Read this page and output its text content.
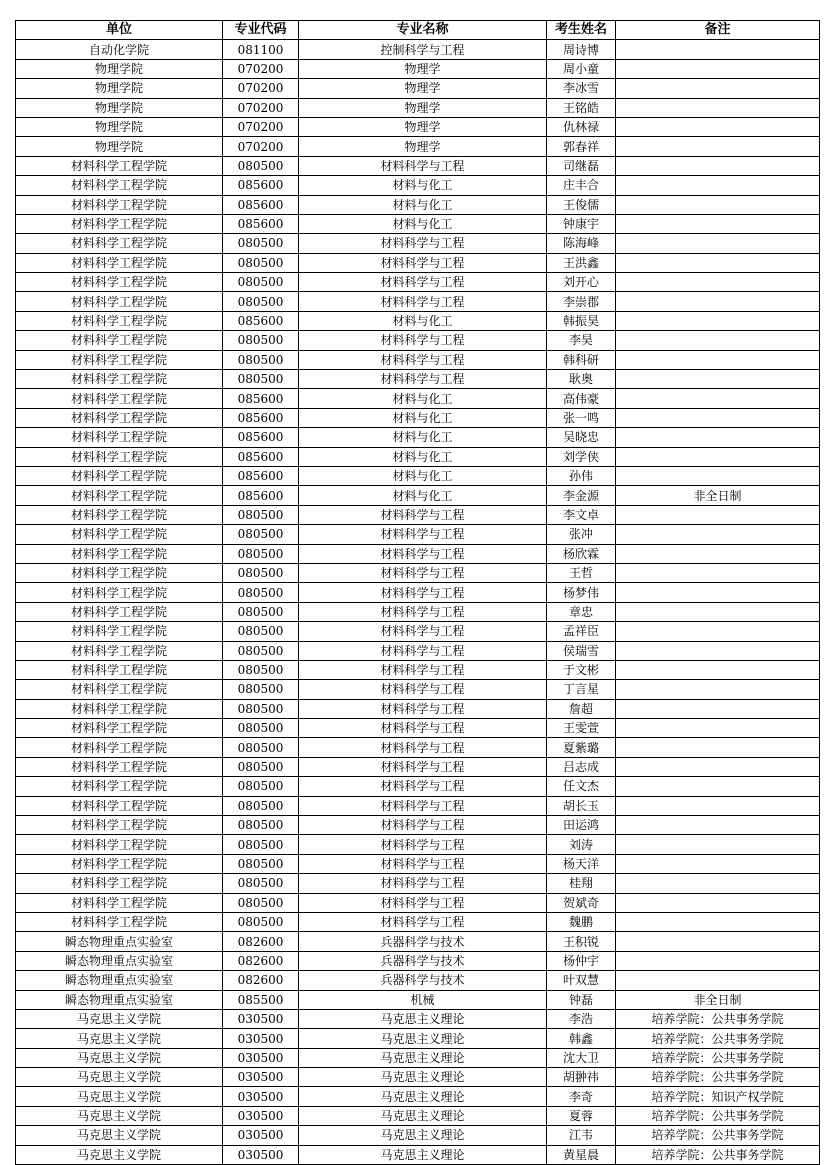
单位	专业代码	专业名称	考生姓名	备注
自动化学院	081100	控制科学与工程	周诗博	
物理学院	070200	物理学	周小童	
物理学院	070200	物理学	李冰雪	
物理学院	070200	物理学	王铭皓	
物理学院	070200	物理学	仇林禄	
物理学院	070200	物理学	郭春祥	
材料科学工程学院	080500	材料科学与工程	司继磊	
材料科学工程学院	085600	材料与化工	庄丰合	
材料科学工程学院	085600	材料与化工	王俊儒	
材料科学工程学院	085600	材料与化工	钟康宇	
材料科学工程学院	080500	材料科学与工程	陈海峰	
材料科学工程学院	080500	材料科学与工程	王洪鑫	
材料科学工程学院	080500	材料科学与工程	刘开心	
材料科学工程学院	080500	材料科学与工程	李崇郡	
材料科学工程学院	085600	材料与化工	韩振昊	
材料科学工程学院	080500	材料科学与工程	李昊	
材料科学工程学院	080500	材料科学与工程	韩科研	
材料科学工程学院	080500	材料科学与工程	耿奥	
材料科学工程学院	085600	材料与化工	高伟豪	
材料科学工程学院	085600	材料与化工	张一鸣	
材料科学工程学院	085600	材料与化工	吴晓忠	
材料科学工程学院	085600	材料与化工	刘学侠	
材料科学工程学院	085600	材料与化工	孙伟	
材料科学工程学院	085600	材料与化工	李金源	非全日制
材料科学工程学院	080500	材料科学与工程	李文卓	
材料科学工程学院	080500	材料科学与工程	张冲	
材料科学工程学院	080500	材料科学与工程	杨欣霖	
材料科学工程学院	080500	材料科学与工程	王哲	
材料科学工程学院	080500	材料科学与工程	杨梦伟	
材料科学工程学院	080500	材料科学与工程	章忠	
材料科学工程学院	080500	材料科学与工程	孟祥臣	
材料科学工程学院	080500	材料科学与工程	侯瑞雪	
材料科学工程学院	080500	材料科学与工程	于文彬	
材料科学工程学院	080500	材料科学与工程	丁言星	
材料科学工程学院	080500	材料科学与工程	詹超	
材料科学工程学院	080500	材料科学与工程	王雯萱	
材料科学工程学院	080500	材料科学与工程	夏紫璐	
材料科学工程学院	080500	材料科学与工程	吕志成	
材料科学工程学院	080500	材料科学与工程	任文杰	
材料科学工程学院	080500	材料科学与工程	胡长玉	
材料科学工程学院	080500	材料科学与工程	田运鸿	
材料科学工程学院	080500	材料科学与工程	刘涛	
材料科学工程学院	080500	材料科学与工程	杨天洋	
材料科学工程学院	080500	材料科学与工程	桂翔	
材料科学工程学院	080500	材料科学与工程	贺斌奇	
材料科学工程学院	080500	材料科学与工程	魏鹏	
瞬态物理重点实验室	082600	兵器科学与技术	王积锐	
瞬态物理重点实验室	082600	兵器科学与技术	杨仲宇	
瞬态物理重点实验室	082600	兵器科学与技术	叶双慧	
瞬态物理重点实验室	085500	机械	钟磊	非全日制
马克思主义学院	030500	马克思主义理论	李浩	培养学院：公共事务学院
马克思主义学院	030500	马克思主义理论	韩鑫	培养学院：公共事务学院
马克思主义学院	030500	马克思主义理论	沈大卫	培养学院：公共事务学院
马克思主义学院	030500	马克思主义理论	胡翀祎	培养学院：公共事务学院
马克思主义学院	030500	马克思主义理论	李奇	培养学院：知识产权学院
马克思主义学院	030500	马克思主义理论	夏蓉	培养学院：公共事务学院
马克思主义学院	030500	马克思主义理论	江韦	培养学院：公共事务学院
马克思主义学院	030500	马克思主义理论	黄星晨	培养学院：公共事务学院
